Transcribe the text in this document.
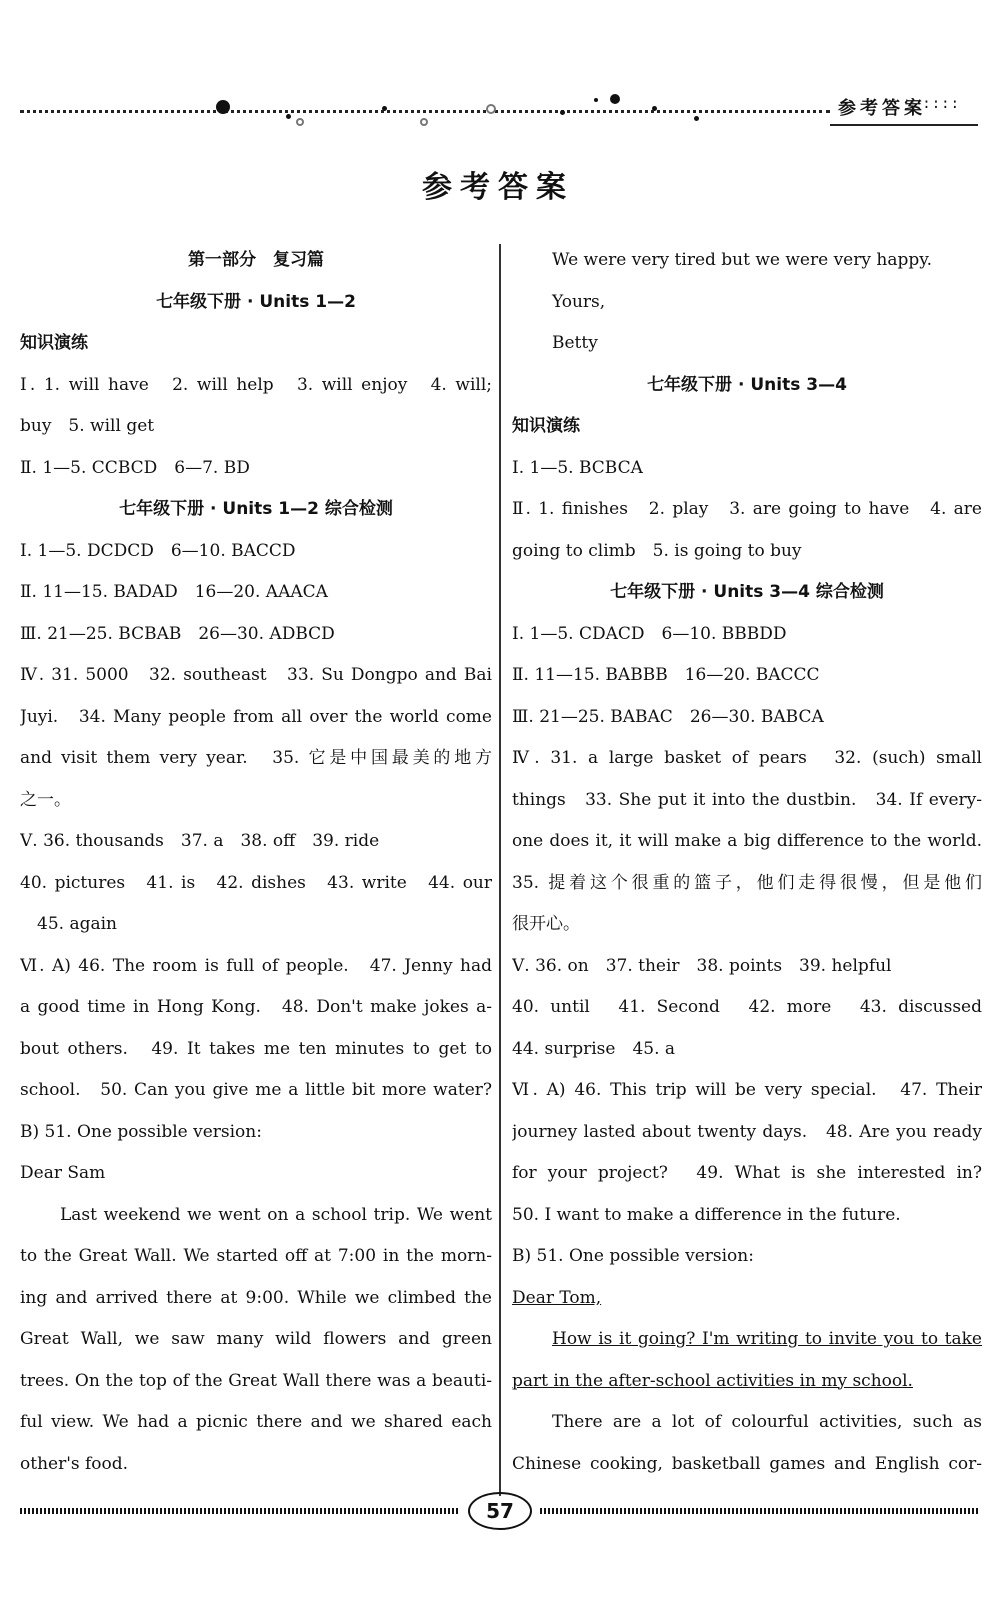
参考答案
::::
参考答案
第一部分　复习篇
七年级下册 · Units 1—2
知识演练
Ⅰ. 1. will have　2. will help　3. will enjoy　4. will;
buy　5. will get
Ⅱ. 1—5. CCBCD　6—7. BD
七年级下册 · Units 1—2 综合检测
Ⅰ. 1—5. DCDCD　6—10. BACCD
Ⅱ. 11—15. BADAD　16—20. AAACA
Ⅲ. 21—25. BCBAB　26—30. ADBCD
Ⅳ. 31. 5000　32. southeast　33. Su Dongpo and Bai
Juyi.　34. Many people from all over the world come
and visit them very year.　35. 它是中国最美的地方
之一。
Ⅴ. 36. thousands　37. a　38. off　39. ride
40. pictures　41. is　42. dishes　43. write　44. our
　45. again
Ⅵ. A) 46. The room is full of people.　47. Jenny had
a good time in Hong Kong.　48. Don't make jokes a-
bout others.　49. It takes me ten minutes to get to
school.　50. Can you give me a little bit more water?
B) 51. One possible version:
Dear Sam
Last weekend we went on a school trip. We went
to the Great Wall. We started off at 7:00 in the morn-
ing and arrived there at 9:00. While we climbed the
Great Wall, we saw many wild flowers and green
trees. On the top of the Great Wall there was a beauti-
ful view. We had a picnic there and we shared each
other's food.
We were very tired but we were very happy.
Yours,
Betty
七年级下册 · Units 3—4
知识演练
Ⅰ. 1—5. BCBCA
Ⅱ. 1. finishes　2. play　3. are going to have　4. are
going to climb　5. is going to buy
七年级下册 · Units 3—4 综合检测
Ⅰ. 1—5. CDACD　6—10. BBBDD
Ⅱ. 11—15. BABBB　16—20. BACCC
Ⅲ. 21—25. BABAC　26—30. BABCA
Ⅳ. 31. a large basket of pears　32. (such) small
things　33. She put it into the dustbin.　34. If every-
one does it, it will make a big difference to the world.
35. 提着这个很重的篮子，他们走得很慢，但是他们
很开心。
Ⅴ. 36. on　37. their　38. points　39. helpful
40. until　41. Second　42. more　43. discussed
44. surprise　45. a
Ⅵ. A) 46. This trip will be very special.　47. Their
journey lasted about twenty days.　48. Are you ready
for your project?　49. What is she interested in?
50. I want to make a difference in the future.
B) 51. One possible version:
Dear Tom,
How is it going? I'm writing to invite you to take
part in the after-school activities in my school.
There are a lot of colourful activities, such as
Chinese cooking, basketball games and English cor-
57
